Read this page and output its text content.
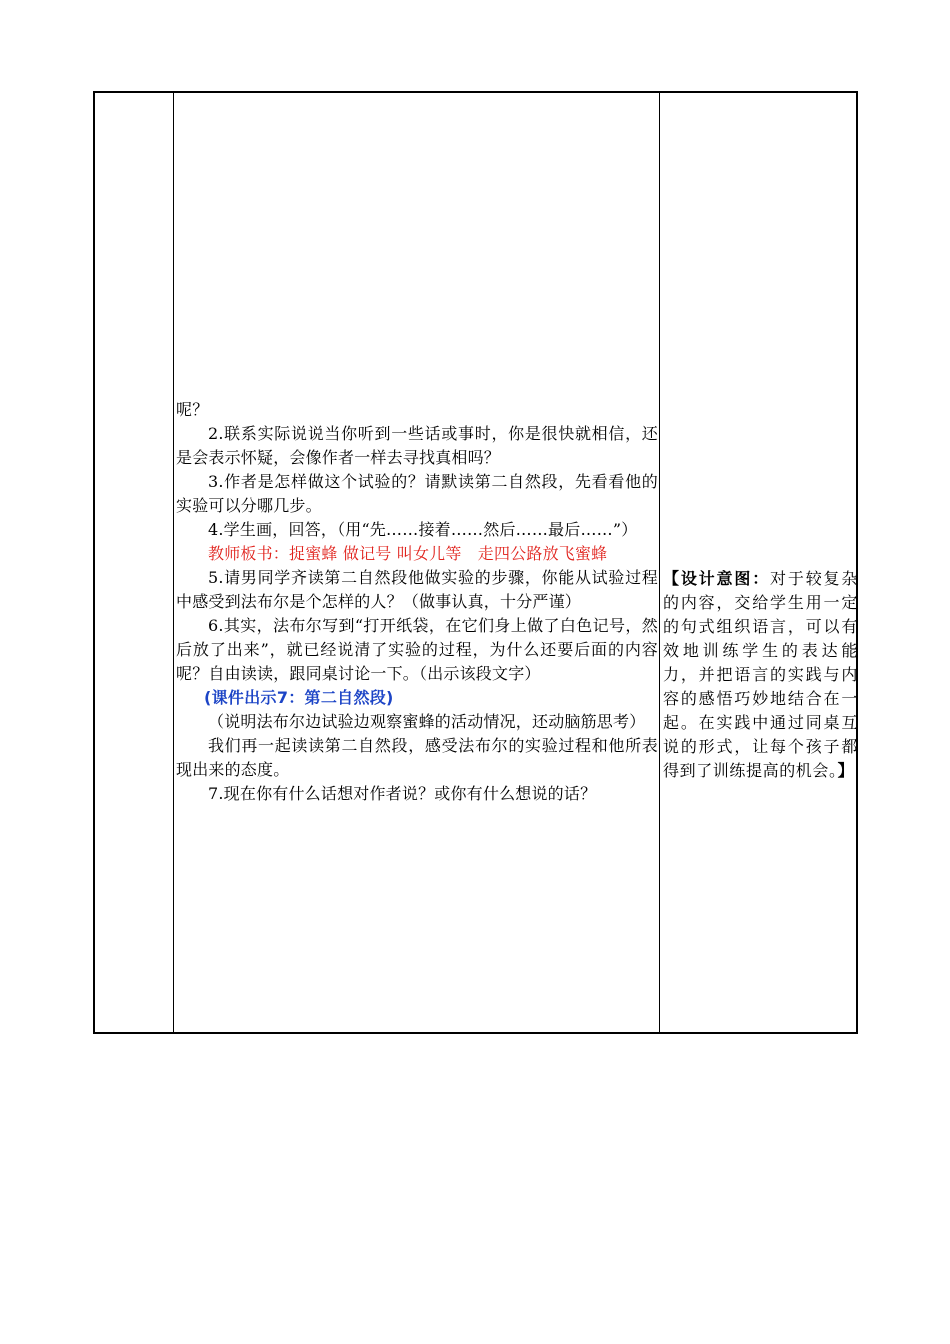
呢？

2.联系实际说说当你听到一些话或事时，你是很快就相信，还是会表示怀疑，会像作者一样去寻找真相吗？

3.作者是怎样做这个试验的？请默读第二自然段，先看看他的实验可以分哪几步。

4.学生画，回答，（用“先……接着……然后……最后……”）

教师板书：捉蜜蜂 做记号 叫女儿等　走四公路放飞蜜蜂

5.请男同学齐读第二自然段他做实验的步骤，你能从试验过程中感受到法布尔是个怎样的人？（做事认真，十分严谨）

6.其实，法布尔写到“打开纸袋，在它们身上做了白色记号，然后放了出来”，就已经说清了实验的过程，为什么还要后面的内容呢？自由读读，跟同桌讨论一下。（出示该段文字）

(课件出示7：第二自然段)

（说明法布尔边试验边观察蜜蜂的活动情况，还动脑筋思考）

我们再一起读读第二自然段，感受法布尔的实验过程和他所表现出来的态度。

7.现在你有什么话想对作者说？或你有什么想说的话？

【设计意图：对于较复杂的内容，交给学生用一定的句式组织语言，可以有效地训练学生的表达能力，并把语言的实践与内容的感悟巧妙地结合在一起。在实践中通过同桌互说的形式，让每个孩子都得到了训练提高的机会。】
